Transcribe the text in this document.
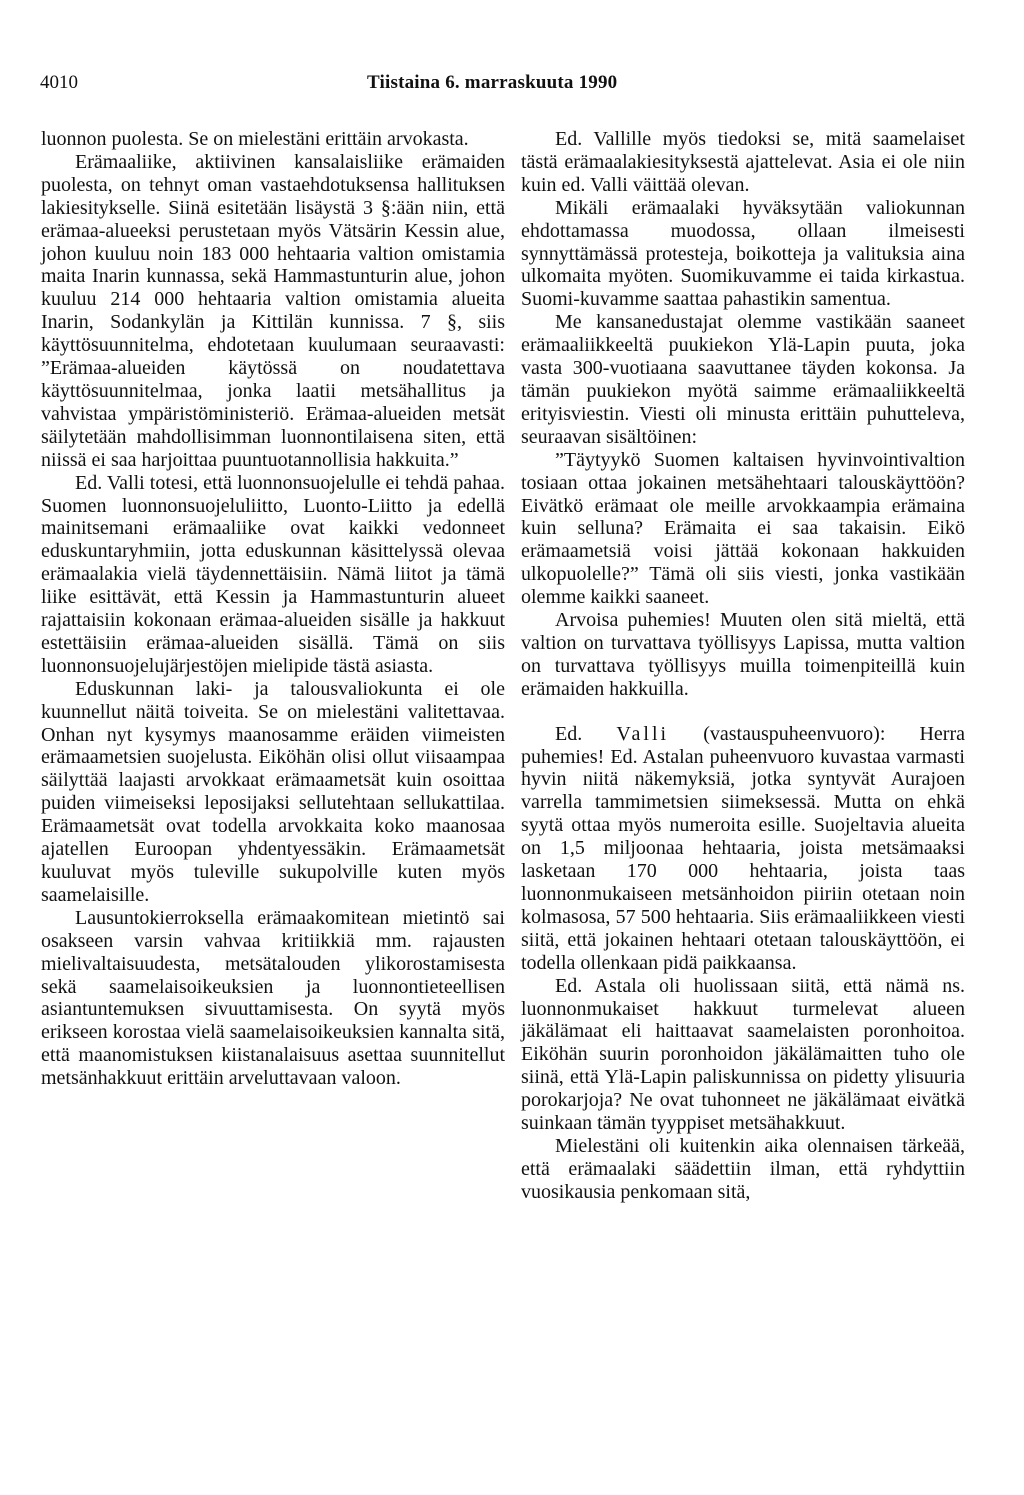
4010	Tiistaina 6. marraskuuta 1990

luonnon puolesta. Se on mielestäni erittäin arvokasta.

Erämaaliike, aktiivinen kansalaisliike erämaiden puolesta, on tehnyt oman vastaehdotuksensa hallituksen lakiesitykselle. Siinä esitetään lisäystä 3 §:ään niin, että erämaa-alueeksi perustetaan myös Vätsärin Kessin alue, johon kuuluu noin 183 000 hehtaaria valtion omistamia maita Inarin kunnassa, sekä Hammastunturin alue, johon kuuluu 214 000 hehtaaria valtion omistamia alueita Inarin, Sodankylän ja Kittilän kunnissa. 7 §, siis käyttösuunnitelma, ehdotetaan kuulumaan seuraavasti: ”Erämaa-alueiden käytössä on noudatettava käyttösuunnitelmaa, jonka laatii metsähallitus ja vahvistaa ympäristöministeriö. Erämaa-alueiden metsät säilytetään mahdollisimman luonnontilaisena siten, että niissä ei saa harjoittaa puuntuotannollisia hakkuita.”

Ed. Valli totesi, että luonnonsuojelulle ei tehdä pahaa. Suomen luonnonsuojeluliitto, Luonto-Liitto ja edellä mainitsemani erämaaliike ovat kaikki vedonneet eduskuntaryhmiin, jotta eduskunnan käsittelyssä olevaa erämaalakia vielä täydennettäisiin. Nämä liitot ja tämä liike esittävät, että Kessin ja Hammastunturin alueet rajattaisiin kokonaan erämaa-alueiden sisälle ja hakkuut estettäisiin erämaa-alueiden sisällä. Tämä on siis luonnonsuojelujärjestöjen mielipide tästä asiasta.

Eduskunnan laki- ja talousvaliokunta ei ole kuunnellut näitä toiveita. Se on mielestäni valitettavaa. Onhan nyt kysymys maanosamme eräiden viimeisten erämaametsien suojelusta. Eiköhän olisi ollut viisaampaa säilyttää laajasti arvokkaat erämaametsät kuin osoittaa puiden viimeiseksi leposijaksi sellutehtaan sellukattilaa. Erämaametsät ovat todella arvokkaita koko maanosaa ajatellen Euroopan yhdentyessäkin. Erämaametsät kuuluvat myös tuleville sukupolville kuten myös saamelaisille.

Lausuntokierroksella erämaakomitean mietintö sai osakseen varsin vahvaa kritiikkiä mm. rajausten mielivaltaisuudesta, metsätalouden ylikorostamisesta sekä saamelaisoikeuksien ja luonnontieteellisen asiantuntemuksen sivuuttamisesta. On syytä myös erikseen korostaa vielä saamelaisoikeuksien kannalta sitä, että maanomistuksen kiistanalaisuus asettaa suunnitellut metsänhakkuut erittäin arveluttavaan valoon.

Ed. Vallille myös tiedoksi se, mitä saamelaiset tästä erämaalakiesityksestä ajattelevat. Asia ei ole niin kuin ed. Valli väittää olevan.

Mikäli erämaalaki hyväksytään valiokunnan ehdottamassa muodossa, ollaan ilmeisesti synnyttämässä protesteja, boikotteja ja valituksia aina ulkomaita myöten. Suomikuvamme ei taida kirkastua. Suomi-kuvamme saattaa pahastikin samentua.

Me kansanedustajat olemme vastikään saaneet erämaaliikkeeltä puukiekon Ylä-Lapin puuta, joka vasta 300-vuotiaana saavuttanee täyden kokonsa. Ja tämän puukiekon myötä saimme erämaaliikkeeltä erityisviestin. Viesti oli minusta erittäin puhutteleva, seuraavan sisältöinen:

”Täytyykö Suomen kaltaisen hyvinvointivaltion tosiaan ottaa jokainen metsähehtaari talouskäyttöön? Eivätkö erämaat ole meille arvokkaampia erämaina kuin selluna? Erämaita ei saa takaisin. Eikö erämaametsiä voisi jättää kokonaan hakkuiden ulkopuolelle?” Tämä oli siis viesti, jonka vastikään olemme kaikki saaneet.

Arvoisa puhemies! Muuten olen sitä mieltä, että valtion on turvattava työllisyys Lapissa, mutta valtion on turvattava työllisyys muilla toimenpiteillä kuin erämaiden hakkuilla.

Ed. Valli (vastauspuheenvuoro): Herra puhemies! Ed. Astalan puheenvuoro kuvastaa varmasti hyvin niitä näkemyksiä, jotka syntyvät Aurajoen varrella tammimetsien siimeksessä. Mutta on ehkä syytä ottaa myös numeroita esille. Suojeltavia alueita on 1,5 miljoonaa hehtaaria, joista metsämaaksi lasketaan 170 000 hehtaaria, joista taas luonnonmukaiseen metsänhoidon piiriin otetaan noin kolmasosa, 57 500 hehtaaria. Siis erämaaliikkeen viesti siitä, että jokainen hehtaari otetaan talouskäyttöön, ei todella ollenkaan pidä paikkaansa.

Ed. Astala oli huolissaan siitä, että nämä ns. luonnonmukaiset hakkuut turmelevat alueen jäkälämaat eli haittaavat saamelaisten poronhoitoa. Eiköhän suurin poronhoidon jäkälämaitten tuho ole siinä, että Ylä-Lapin paliskunnissa on pidetty ylisuuria porokarjoja? Ne ovat tuhonneet ne jäkälämaat eivätkä suinkaan tämän tyyppiset metsähakkuut.

Mielestäni oli kuitenkin aika olennaisen tärkeää, että erämaalaki säädettiin ilman, että ryhdyttiin vuosikausia penkomaan sitä,
